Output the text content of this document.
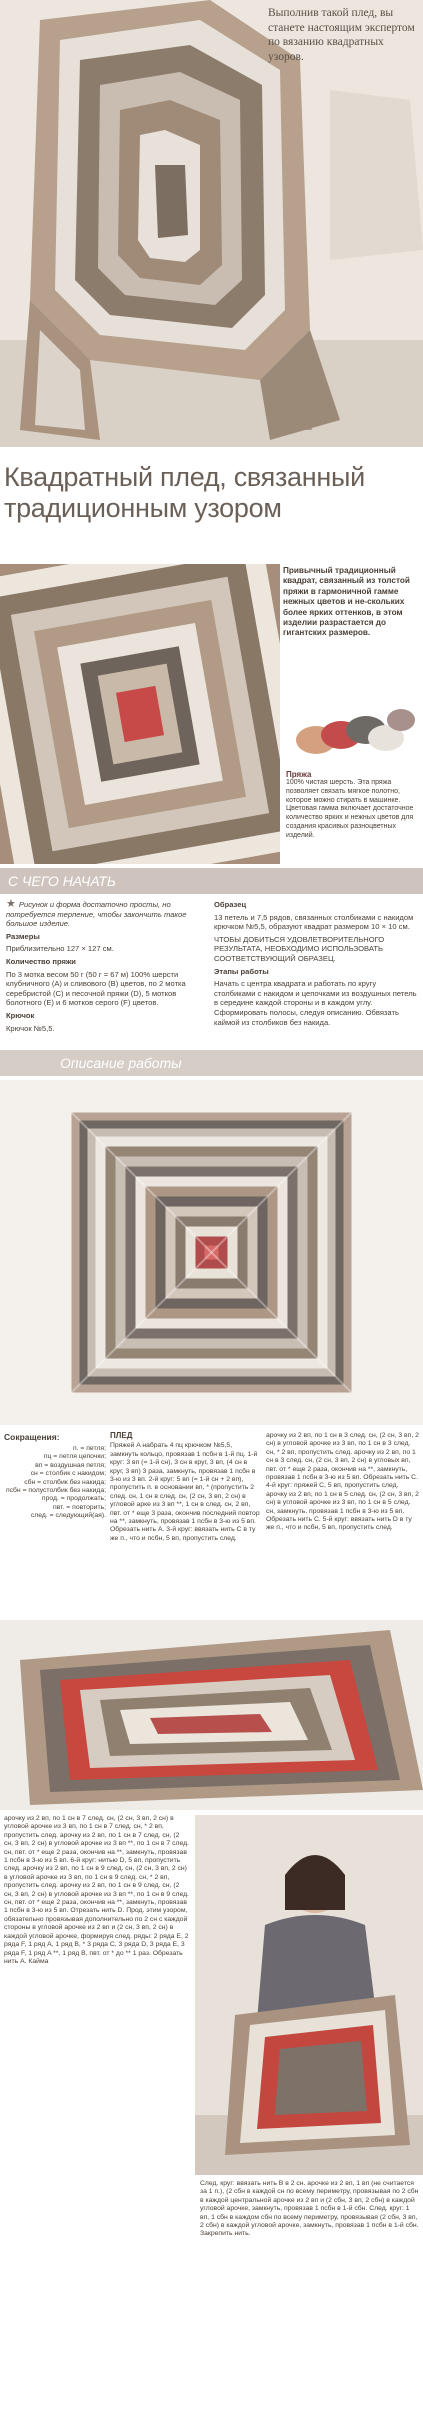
Выполнив такой плед, вы станете настоящим экспертом по вязанию квадратных узоров.
Квадратный плед, связанный традиционным узором
Привычный традиционный квадрат, связанный из толстой пряжи в гармоничной гамме нежных цветов и не-скольких более ярких оттенков, в этом изделии разрастается до гигантских размеров.
Пряжа
100% чистая шерсть. Эта пряжа позволяет связать мягкое полотно, которое можно стирать в машинке. Цветовая гамма включает достаточное количество ярких и нежных цветов для создания красивых разноцветных изделий.
С ЧЕГО НАЧАТЬ

★ Рисунок и форма достаточно просты, но потребуется терпение, чтобы закончить такое большое изделие.

Размеры

Приблизительно 127 × 127 см.

Количество пряжи

По 3 мотка весом 50 г (50 г = 67 м) 100% шерсти клубничного (A) и сливового (B) цветов, по 2 мотка серебристой (C) и песочной пряжи (D), 5 мотков болотного (E) и 6 мотков серого (F) цветов.

Крючок

Крючок №5,5.

Образец

13 петель и 7,5 рядов, связанных столбиками с накидом крючком №5,5, образуют квадрат размером 10 × 10 см.

ЧТОБЫ ДОБИТЬСЯ УДОВЛЕТВОРИТЕЛЬНОГО РЕЗУЛЬТАТА, НЕОБХОДИМО ИСПОЛЬЗОВАТЬ СООТВЕТСТВУЮЩИЙ ОБРАЗЕЦ.

Этапы работы

Начать с центра квадрата и работать по кругу столбиками с накидом и цепочками из воздушных петель в середине каждой стороны и в каждом углу. Сформировать полосы, следуя описанию. Обвязать каймой из столбиков без накида.

Описание работы
Сокращения:
п. = петля;
пц = петля цепочки;
вп = воздушная петля;
сн = столбик с накидом;
сбн = столбик без накида;
псбн = полустолбик без накида;
прод. = продолжать;
пвт. = повторить;
след. = следующий(ая).
ПЛЕД
Пряжей A набрать 4 пц крючком №5,5, замкнуть кольцо, провязав 1 псбн в 1-й пц. 1-й круг: 3 вп (= 1-й сн), 3 сн в круг, 3 вп, (4 сн в круг, 3 вп) 3 раза, замкнуть, провязав 1 псбн в 3-ю из 3 вп. 2-й круг: 5 вп (= 1-й сн + 2 вп), пропустить п. в основании вп, * (пропустить 2 след. сн, 1 сн в след. сн, (2 сн, 3 вп, 2 сн) в угловой арке из 3 вп **, 1 сн в след. сн, 2 вп, пвт. от * еще 3 раза, окончив последний повтор на **, замкнуть, провязав 1 псбн в 3-ю из 5 вп. Обрезать нить A. 3-й круг: ввязать нить C в ту же п., что и псбн, 5 вп, пропустить след.
арочку из 2 вп, по 1 сн в 3 след. сн, (2 сн, 3 вп, 2 сн) в угловой арочке из 3 вп, по 1 сн в 3 след. сн, * 2 вп, пропустить след. арочку из 2 вп, по 1 сн в 3 след. сн, (2 сн, 3 вп, 2 сн) в угловых вп, пвт. от * еще 2 раза, окончив на **, замкнуть, провязав 1 псбн в 3-ю из 5 вп. Обрезать нить C. 4-й круг: пряжей C, 5 вп, пропустить след. арочку из 2 вп, по 1 сн в 5 след. сн, (2 сн, 3 вп, 2 сн) в угловой арочке из 3 вп, по 1 сн в 5 след. сн, замкнуть, провязав 1 псбн в 3-ю из 5 вп. Обрезать нить C. 5-й круг: ввязать нить D в ту же п., что и псбн, 5 вп, пропустить след.
арочку из 2 вп, по 1 сн в 7 след. сн, (2 сн, 3 вп, 2 сн) в угловой арочке из 3 вп, по 1 сн в 7 след. сн, * 2 вп, пропустить след. арочку из 2 вп, по 1 сн в 7 след. сн, (2 сн, 3 вп, 2 сн) в угловой арочке из 3 вп **, по 1 сн в 7 след. сн, пвт. от * еще 2 раза, окончив на **, замкнуть, провязав 1 псбн в 3-ю из 5 вп. 6-й круг: нитью D, 5 вп, пропустить след. арочку из 2 вп, по 1 сн в 9 след. сн, (2 сн, 3 вп, 2 сн) в угловой арочке из 3 вп, по 1 сн в 9 след. сн, * 2 вп, пропустить след. арочку из 2 вп, по 1 сн в 9 след. сн, (2 сн, 3 вп, 2 сн) в угловой арочке из 3 вп **, по 1 сн в 9 след. сн, пвт. от * еще 2 раза, окончив на **, замкнуть, провязав 1 псбн в 3-ю из 5 вп. Отрезать нить D. Прод. этим узором, обязательно провязывая дополнительно по 2 сн с каждой стороны в угловой арочке из 2 вп и (2 сн, 3 вп, 2 сн) в каждой угловой арочке, формируя след. ряды: 2 ряда E, 2 ряда F, 1 ряд A, 1 ряд B, * 3 ряда C, 3 ряда D, 3 ряда E, 3 ряда F, 1 ряд A **, 1 ряд B, пвт. от * до ** 1 раз. Обрезать нить A. Кайма
След. круг: ввязать нить B в 2 сн. арочке из 2 вп, 1 вп (не считается за 1 п.), (2 сбн в каждой сн по всему периметру, провязывая по 2 сбн в каждой центральной арочке из 2 вп и (2 сбн, 3 вп, 2 сбн) в каждой угловой арочке, замкнуть, провязав 1 псбн в 1-й сбн. След. круг: 1 вп, 1 сбн в каждом сбн по всему периметру, провязывая (2 сбн, 3 вп, 2 сбн) в каждой угловой арочке, замкнуть, провязав 1 псбн в 1-й сбн. Закрепить нить.
